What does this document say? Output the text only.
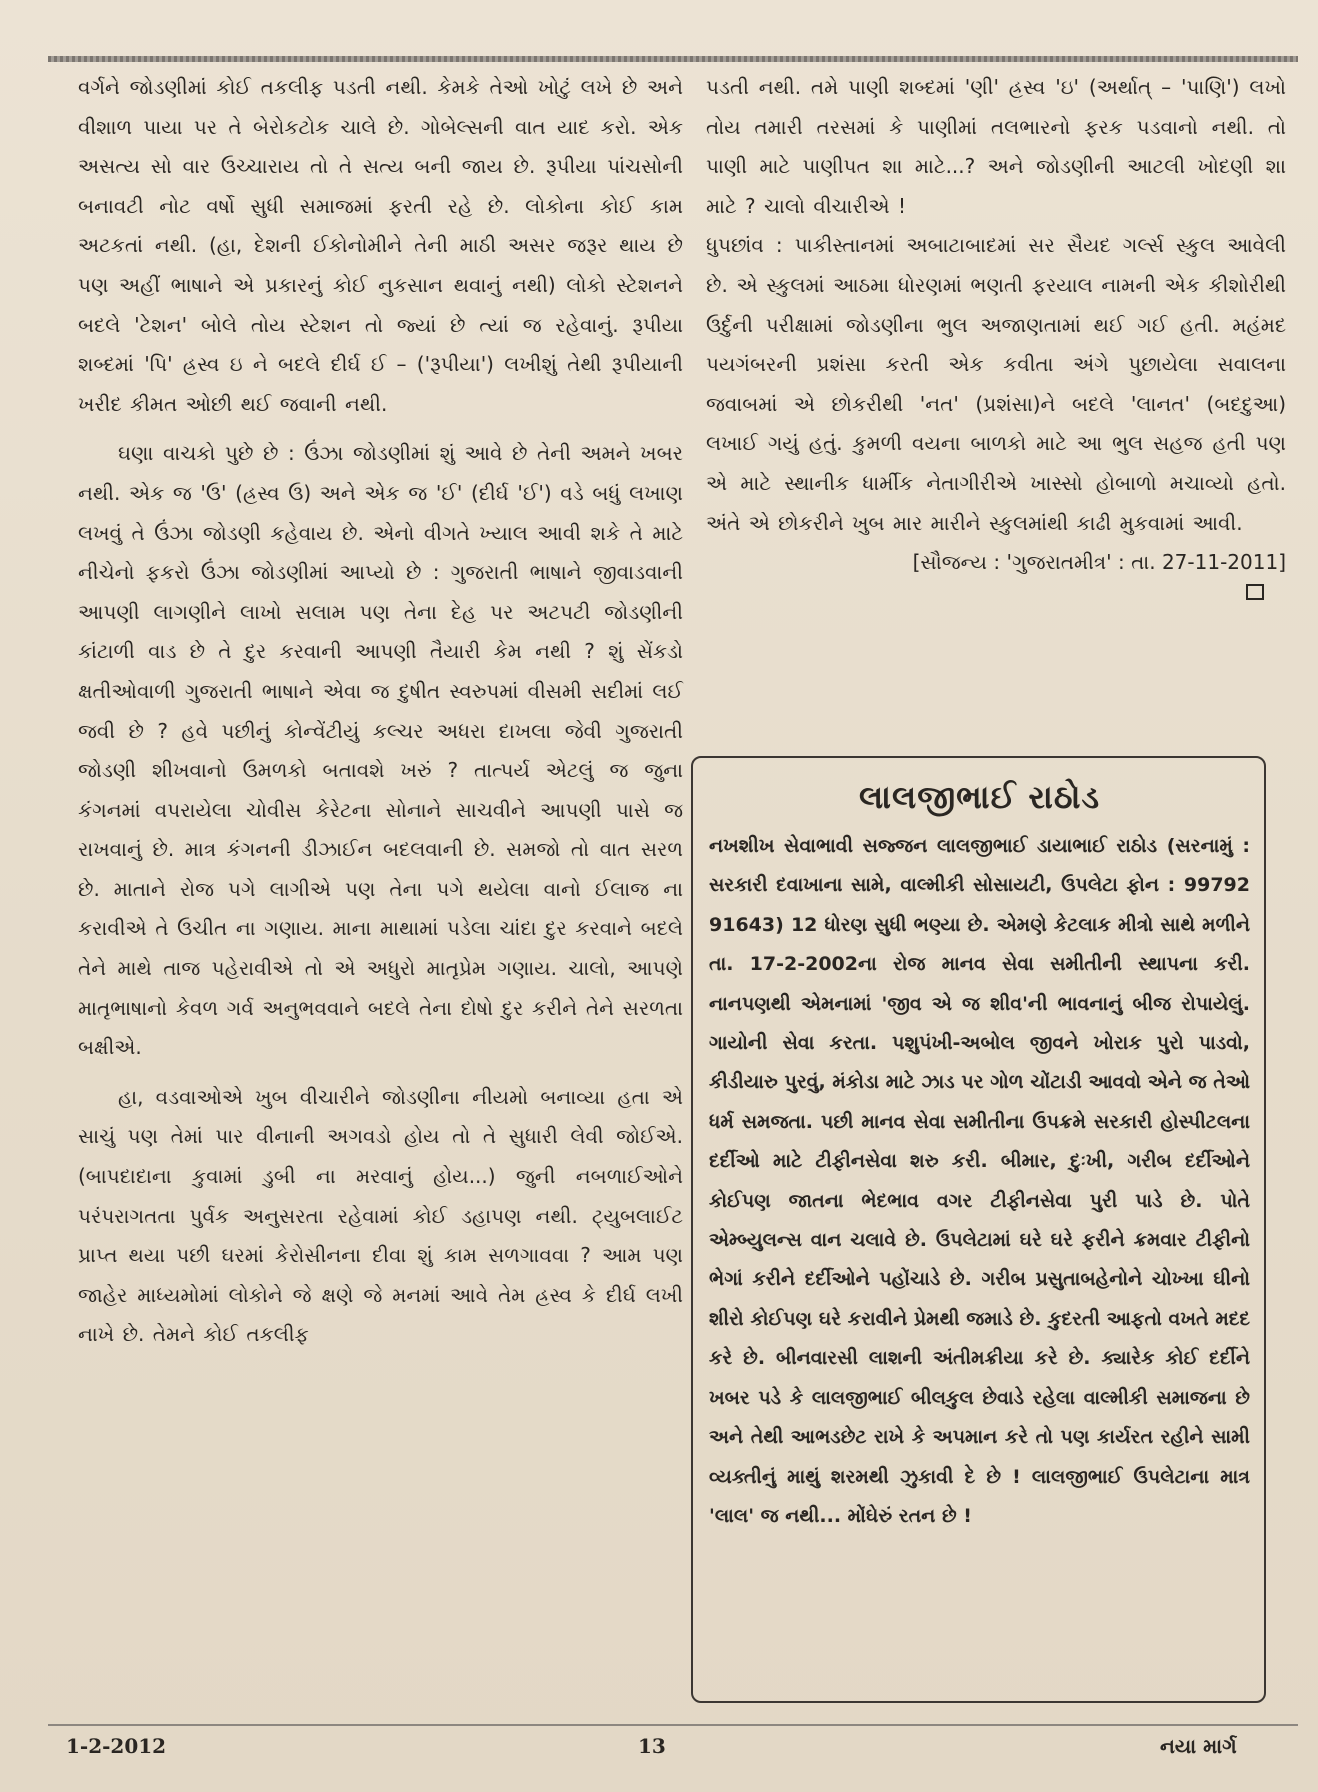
વર્ગને જોડણીમાં કોઈ તકલીફ પડતી નથી. કેમકે તેઓ ખોટું લખે છે અને વીશાળ પાયા પર તે બેરોકટોક ચાલે છે. ગોબેલ્સની વાત યાદ કરો. એક અસત્ય સો વાર ઉચ્ચારાય તો તે સત્ય બની જાય છે. રૂપીયા પાંચસોની બનાવટી નોટ વર્ષો સુધી સમાજમાં ફરતી રહે છે. લોકોના કોઈ કામ અટકતાં નથી. (હા, દેશની ઈકોનોમીને તેની માઠી અસર જરૂર થાય છે પણ અહીં ભાષાને એ પ્રકારનું કોઈ નુકસાન થવાનું નથી) લોકો સ્ટેશનને બદલે 'ટેશન' બોલે તોય સ્ટેશન તો જ્યાં છે ત્યાં જ રહેવાનું. રૂપીયા શબ્દમાં 'પિ' હ્રસ્વ ઇ ને બદલે દીર્ઘ ઈ – ('રૂપીયા') લખીશું તેથી રૂપીયાની ખરીદ કીમત ઓછી થઈ જવાની નથી.

ઘણા વાચકો પુછે છે : ઉંઝા જોડણીમાં શું આવે છે તેની અમને ખબર નથી. એક જ 'ઉ' (હ્રસ્વ ઉ) અને એક જ 'ઈ' (દીર્ઘ 'ઈ') વડે બધું લખાણ લખવું તે ઉંઝા જોડણી કહેવાય છે. એનો વીગતે ખ્યાલ આવી શકે તે માટે નીચેનો ફકરો ઉંઝા જોડણીમાં આપ્યો છે : ગુજરાતી ભાષાને જીવાડવાની આપણી લાગણીને લાખો સલામ પણ તેના દેહ પર અટપટી જોડણીની કાંટાળી વાડ છે તે દુર કરવાની આપણી તૈયારી કેમ નથી ? શું સેંકડો ક્ષતીઓવાળી ગુજરાતી ભાષાને એવા જ દુષીત સ્વરુપમાં વીસમી સદીમાં લઈ જવી છે ? હવે પછીનું કોન્વેંટીયું કલ્ચર અધરા દાખલા જેવી ગુજરાતી જોડણી શીખવાનો ઉમળકો બતાવશે ખરું ? તાત્પર્ય એટલું જ જુના કંગનમાં વપરાયેલા ચોવીસ કેરેટના સોનાને સાચવીને આપણી પાસે જ રાખવાનું છે. માત્ર કંગનની ડીઝાઈન બદલવાની છે. સમજો તો વાત સરળ છે. માતાને રોજ પગે લાગીએ પણ તેના પગે થયેલા વાનો ઈલાજ ના કરાવીએ તે ઉચીત ના ગણાય. માના માથામાં પડેલા ચાંદા દુર કરવાને બદલે તેને માથે તાજ પહેરાવીએ તો એ અધુરો માતૃપ્રેમ ગણાય. ચાલો, આપણે માતૃભાષાનો કેવળ ગર્વ અનુભવવાને બદલે તેના દોષો દુર કરીને તેને સરળતા બક્ષીએ.

હા, વડવાઓએ ખુબ વીચારીને જોડણીના નીયમો બનાવ્યા હતા એ સાચું પણ તેમાં પાર વીનાની અગવડો હોય તો તે સુધારી લેવી જોઈએ. (બાપદાદાના કુવામાં ડુબી ના મરવાનું હોય...) જુની નબળાઈઓને પરંપરાગતતા પુર્વક અનુસરતા રહેવામાં કોઈ ડહાપણ નથી. ટ્યુબલાઈટ પ્રાપ્ત થયા પછી ઘરમાં કેરોસીનના દીવા શું કામ સળગાવવા ? આમ પણ જાહેર માધ્યમોમાં લોકોને જે ક્ષણે જે મનમાં આવે તેમ હ્રસ્વ કે દીર્ઘ લખી નાખે છે. તેમને કોઈ તકલીફ

પડતી નથી. તમે પાણી શબ્દમાં 'ણી' હ્રસ્વ 'ઇ' (અર્થાત્ – 'પાણિ') લખો તોય તમારી તરસમાં કે પાણીમાં તલભારનો ફરક પડવાનો નથી. તો પાણી માટે પાણીપત શા માટે...? અને જોડણીની આટલી ખોદણી શા માટે ? ચાલો વીચારીએ !

ધુપછાંવ : પાકીસ્તાનમાં અબાટાબાદમાં સર સૈયદ ગર્લ્સ સ્કુલ આવેલી છે. એ સ્કુલમાં આઠમા ધોરણમાં ભણતી ફરયાલ નામની એક કીશોરીથી ઉર્દુની પરીક્ષામાં જોડણીના ભુલ અજાણતામાં થઈ ગઈ હતી. મહંમદ પયગંબરની પ્રશંસા કરતી એક કવીતા અંગે પુછાયેલા સવાલના જવાબમાં એ છોકરીથી 'નત' (પ્રશંસા)ને બદલે 'લાનત' (બદદુઆ) લખાઈ ગયું હતું. કુમળી વયના બાળકો માટે આ ભુલ સહજ હતી પણ એ માટે સ્થાનીક ધાર્મીક નેતાગીરીએ ખાસ્સો હોબાળો મચાવ્યો હતો. અંતે એ છોકરીને ખુબ માર મારીને સ્કુલમાંથી કાઢી મુકવામાં આવી.

[સૌજન્ય : 'ગુજરાતમીત્ર' : તા. 27-11-2011]

લાલજીભાઈ રાઠોડ

નખશીખ સેવાભાવી સજ્જન લાલજીભાઈ ડાયાભાઈ રાઠોડ (સરનામું : સરકારી દવાખાના સામે, વાલ્મીકી સોસાયટી, ઉપલેટા ફોન : 99792 91643) 12 ધોરણ સુધી ભણ્યા છે. એમણે કેટલાક મીત્રો સાથે મળીને તા. 17-2-2002ના રોજ માનવ સેવા સમીતીની સ્થાપના કરી. નાનપણથી એમનામાં 'જીવ એ જ શીવ'ની ભાવનાનું બીજ રોપાયેલું. ગાયોની સેવા કરતા. પશુપંખી-અબોલ જીવને ખોરાક પુરો પાડવો, કીડીયારુ પુરવું, મંકોડા માટે ઝાડ પર ગોળ ચોંટાડી આવવો એને જ તેઓ ધર્મ સમજતા. પછી માનવ સેવા સમીતીના ઉપક્રમે સરકારી હોસ્પીટલના દર્દીઓ માટે ટીફીનસેવા શરુ કરી. બીમાર, દુઃખી, ગરીબ દર્દીઓને કોઈપણ જાતના ભેદભાવ વગર ટીફીનસેવા પુરી પાડે છે. પોતે એમ્બ્યુલન્સ વાન ચલાવે છે. ઉપલેટામાં ઘરે ઘરે ફરીને ક્રમવાર ટીફીનો ભેગાં કરીને દર્દીઓને પહોંચાડે છે. ગરીબ પ્રસુતાબહેનોને ચોખ્ખા ઘીનો શીરો કોઈપણ ઘરે કરાવીને પ્રેમથી જમાડે છે. કુદરતી આફતો વખતે મદદ કરે છે. બીનવારસી લાશની અંતીમક્રીયા કરે છે. ક્યારેક કોઈ દર્દીને ખબર પડે કે લાલજીભાઈ બીલકુલ છેવાડે રહેલા વાલ્મીકી સમાજના છે અને તેથી આભડછેટ રાખે કે અપમાન કરે તો પણ કાર્યરત રહીને સામી વ્યક્તીનું માથું શરમથી ઝુકાવી દે છે ! લાલજીભાઈ ઉપલેટાના માત્ર 'લાલ' જ નથી... મોંઘેરું રતન છે !

1-2-2012	13	નયા માર્ગ
